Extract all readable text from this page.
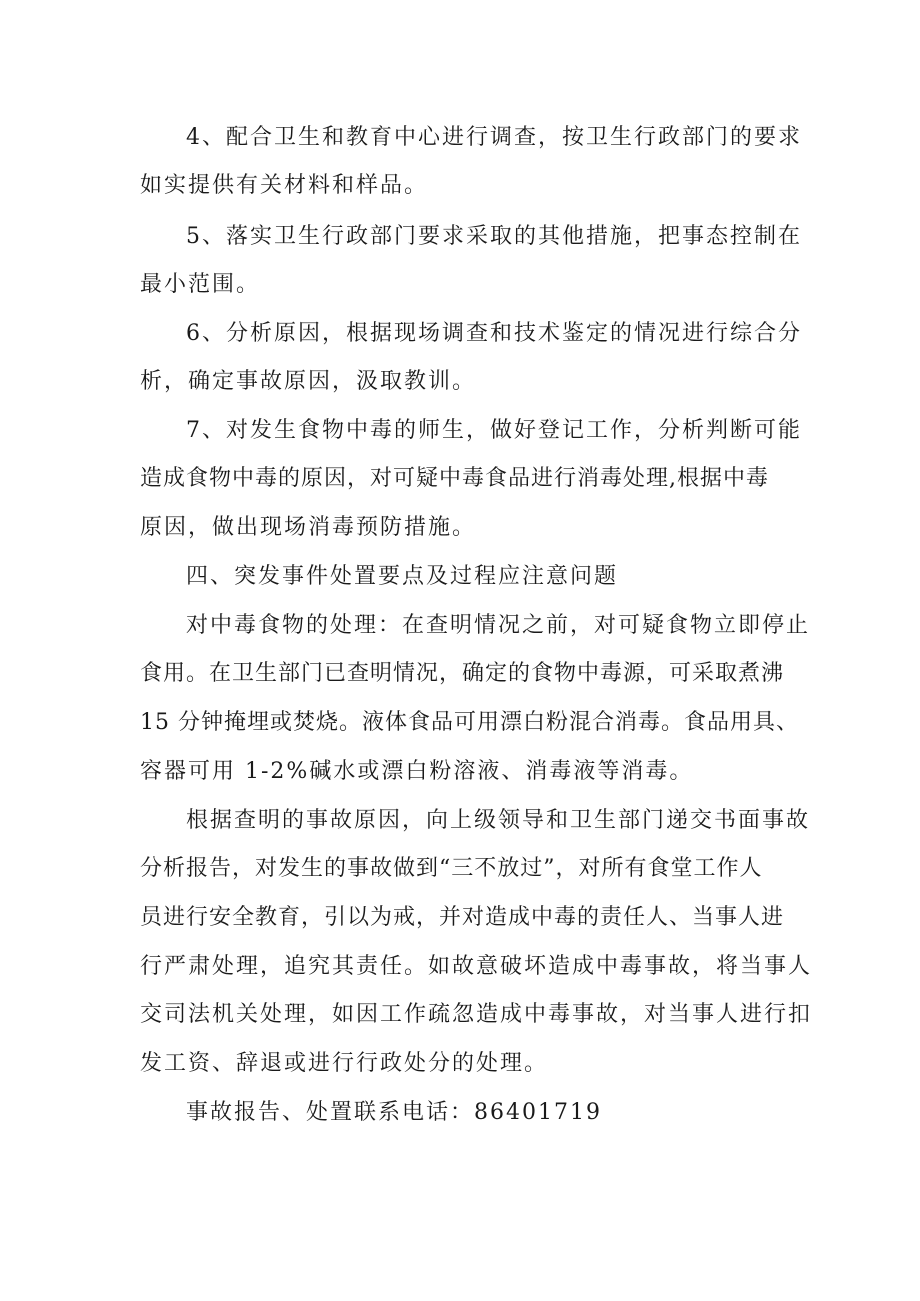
4、配合卫生和教育中心进行调查，按卫生行政部门的要求
如实提供有关材料和样品。
5、落实卫生行政部门要求采取的其他措施，把事态控制在
最小范围。
6、分析原因，根据现场调查和技术鉴定的情况进行综合分
析，确定事故原因，汲取教训。
7、对发生食物中毒的师生，做好登记工作，分析判断可能
造成食物中毒的原因，对可疑中毒食品进行消毒处理,根据中毒
原因，做出现场消毒预防措施。
四、突发事件处置要点及过程应注意问题
对中毒食物的处理：在查明情况之前，对可疑食物立即停止
食用。在卫生部门已查明情况，确定的食物中毒源，可采取煮沸
15 分钟掩埋或焚烧。液体食品可用漂白粉混合消毒。食品用具、
容器可用 1-2%碱水或漂白粉溶液、消毒液等消毒。
根据查明的事故原因，向上级领导和卫生部门递交书面事故
分析报告，对发生的事故做到“三不放过”，对所有食堂工作人
员进行安全教育，引以为戒，并对造成中毒的责任人、当事人进
行严肃处理，追究其责任。如故意破坏造成中毒事故，将当事人
交司法机关处理，如因工作疏忽造成中毒事故，对当事人进行扣
发工资、辞退或进行行政处分的处理。
事故报告、处置联系电话：86401719
